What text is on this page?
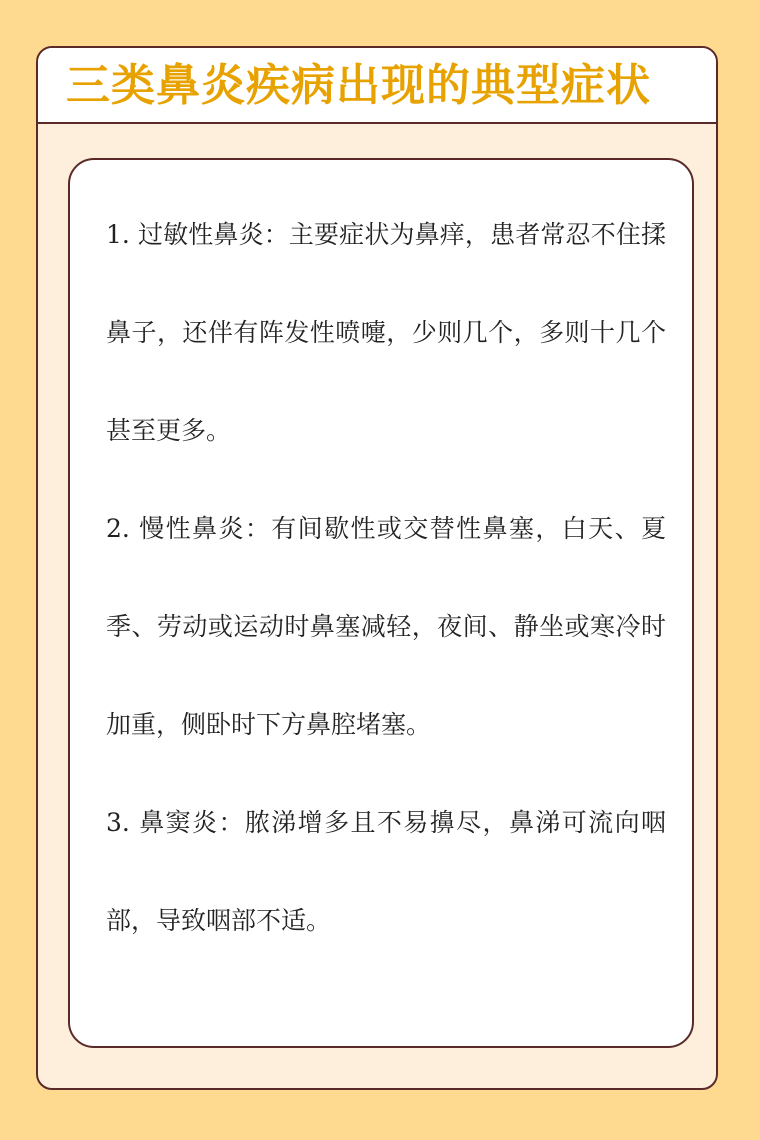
三类鼻炎疾病出现的典型症状

1. 过敏性鼻炎：主要症状为鼻痒，患者常忍不住揉鼻子，还伴有阵发性喷嚏，少则几个，多则十几个甚至更多。

2. 慢性鼻炎：有间歇性或交替性鼻塞，白天、夏季、劳动或运动时鼻塞减轻，夜间、静坐或寒冷时加重，侧卧时下方鼻腔堵塞。

3. 鼻窦炎：脓涕增多且不易擤尽，鼻涕可流向咽部，导致咽部不适。
